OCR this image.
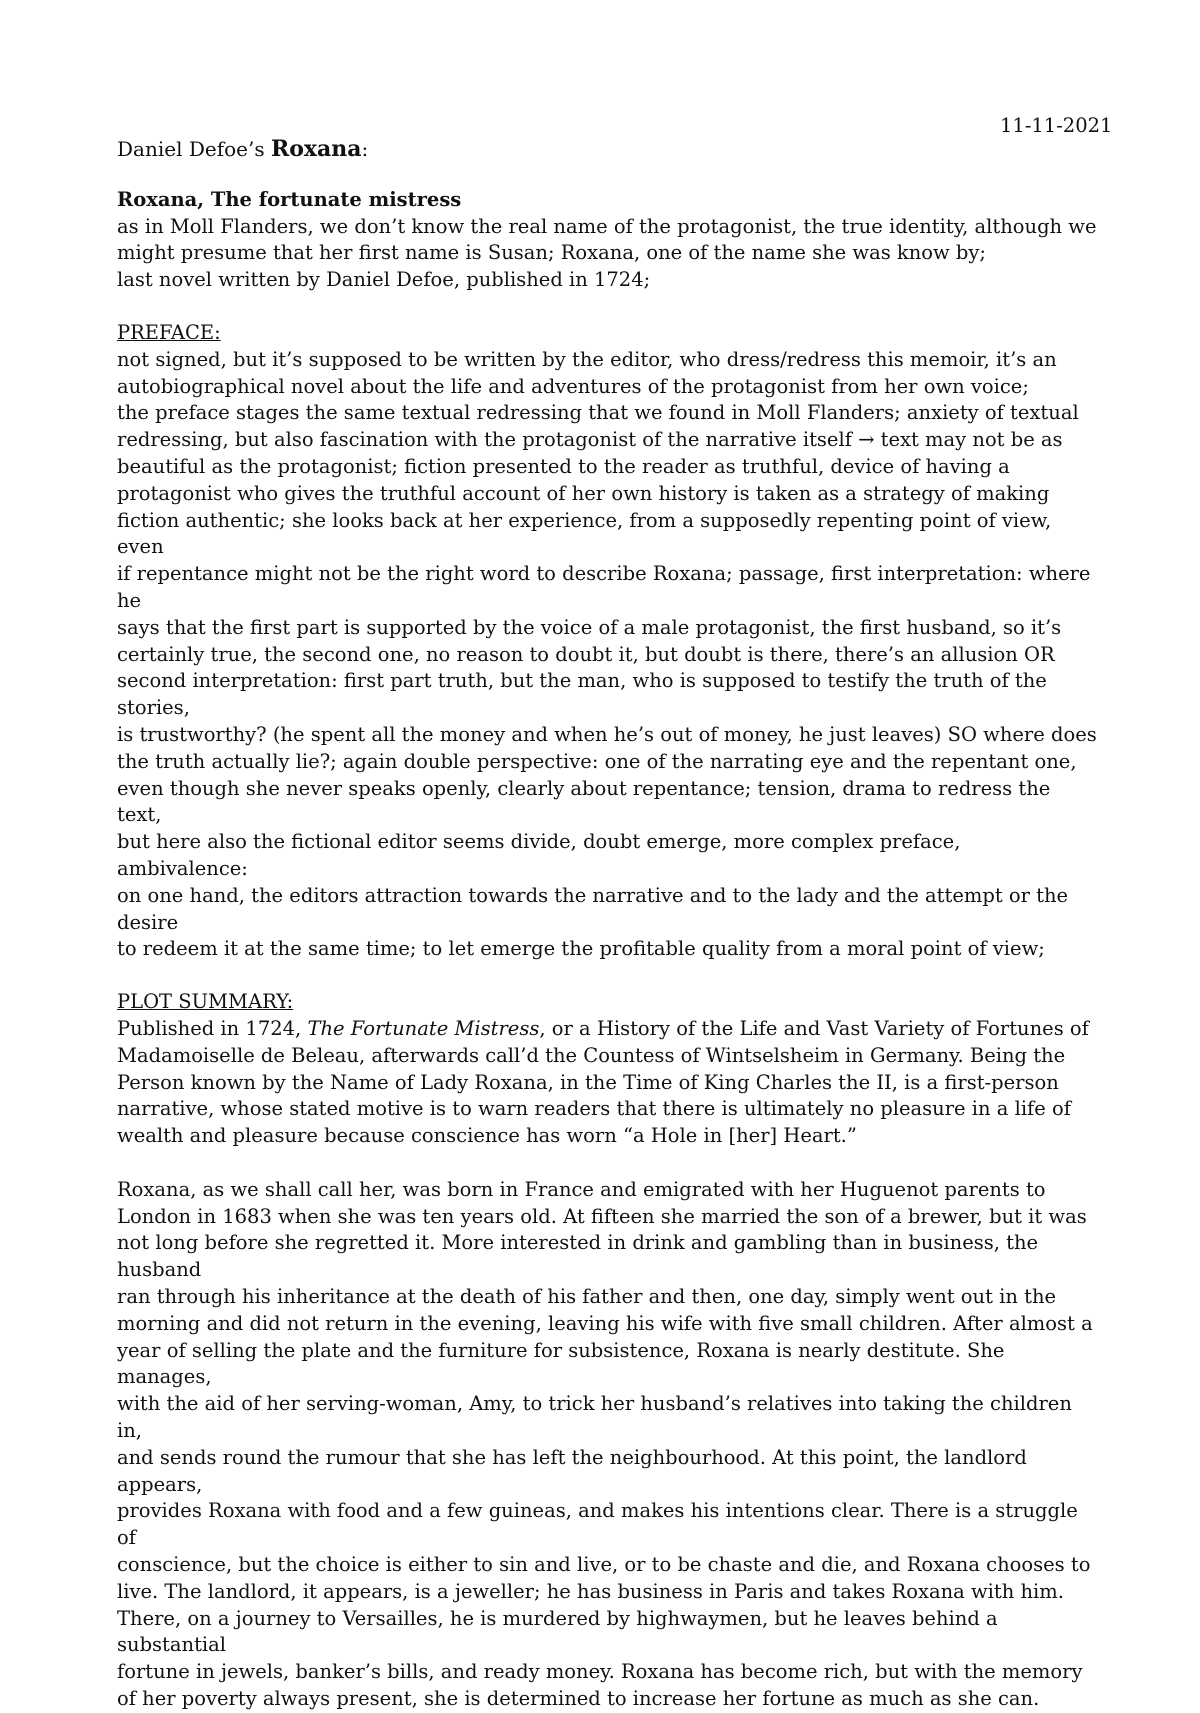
11-11-2021
Daniel Defoe’s Roxana:
Roxana, The fortunate mistress

as in Moll Flanders, we don’t know the real name of the protagonist, the true identity, although we

might presume that her first name is Susan; Roxana, one of the name she was know by;

last novel written by Daniel Defoe, published in 1724;

PREFACE:

not signed, but it’s supposed to be written by the editor, who dress/redress this memoir, it’s an

autobiographical novel about the life and adventures of the protagonist from her own voice;

the preface stages the same textual redressing that we found in Moll Flanders; anxiety of textual

redressing, but also fascination with the protagonist of the narrative itself → text may not be as

beautiful as the protagonist; fiction presented to the reader as truthful, device of having a

protagonist who gives the truthful account of her own history is taken as a strategy of making

fiction authentic; she looks back at her experience, from a supposedly repenting point of view, even

if repentance might not be the right word to describe Roxana; passage, first interpretation: where he

says that the first part is supported by the voice of a male protagonist, the first husband, so it’s

certainly true, the second one, no reason to doubt it, but doubt is there, there’s an allusion OR

second interpretation: first part truth, but the man, who is supposed to testify the truth of the stories,

is trustworthy? (he spent all the money and when he’s out of money, he just leaves) SO where does

the truth actually lie?; again double perspective: one of the narrating eye and the repentant one,

even though she never speaks openly, clearly about repentance; tension, drama to redress the text,

but here also the fictional editor seems divide, doubt emerge, more complex preface, ambivalence:

on one hand, the editors attraction towards the narrative and to the lady and the attempt or the desire

to redeem it at the same time; to let emerge the profitable quality from a moral point of view;

PLOT SUMMARY:

Published in 1724, The Fortunate Mistress, or a History of the Life and Vast Variety of Fortunes of

Madamoiselle de Beleau, afterwards call’d the Countess of Wintselsheim in Germany. Being the

Person known by the Name of Lady Roxana, in the Time of King Charles the II, is a first-person

narrative, whose stated motive is to warn readers that there is ultimately no pleasure in a life of

wealth and pleasure because conscience has worn “a Hole in [her] Heart.”

Roxana, as we shall call her, was born in France and emigrated with her Huguenot parents to

London in 1683 when she was ten years old. At fifteen she married the son of a brewer, but it was

not long before she regretted it. More interested in drink and gambling than in business, the husband

ran through his inheritance at the death of his father and then, one day, simply went out in the

morning and did not return in the evening, leaving his wife with five small children. After almost a

year of selling the plate and the furniture for subsistence, Roxana is nearly destitute. She manages,

with the aid of her serving-woman, Amy, to trick her husband’s relatives into taking the children in,

and sends round the rumour that she has left the neighbourhood. At this point, the landlord appears,

provides Roxana with food and a few guineas, and makes his intentions clear. There is a struggle of

conscience, but the choice is either to sin and live, or to be chaste and die, and Roxana chooses to

live. The landlord, it appears, is a jeweller; he has business in Paris and takes Roxana with him.

There, on a journey to Versailles, he is murdered by highwaymen, but he leaves behind a substantial

fortune in jewels, banker’s bills, and ready money. Roxana has become rich, but with the memory

of her poverty always present, she is determined to increase her fortune as much as she can.
